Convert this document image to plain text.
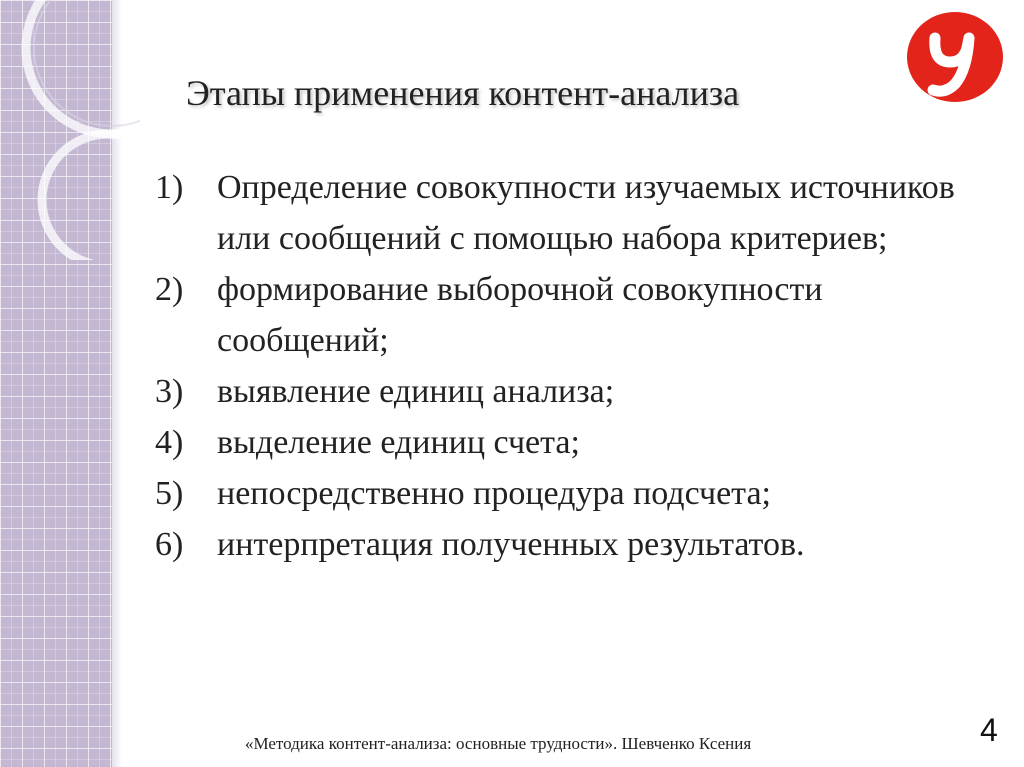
Этапы применения контент-анализа
1) Определение совокупности изучаемых источников или сообщений с помощью набора критериев;
2) формирование выборочной совокупности сообщений;
3) выявление единиц анализа;
4) выделение единиц счета;
5) непосредственно процедура подсчета;
6) интерпретация полученных результатов.
«Методика контент-анализа: основные трудности». Шевченко Ксения	4
